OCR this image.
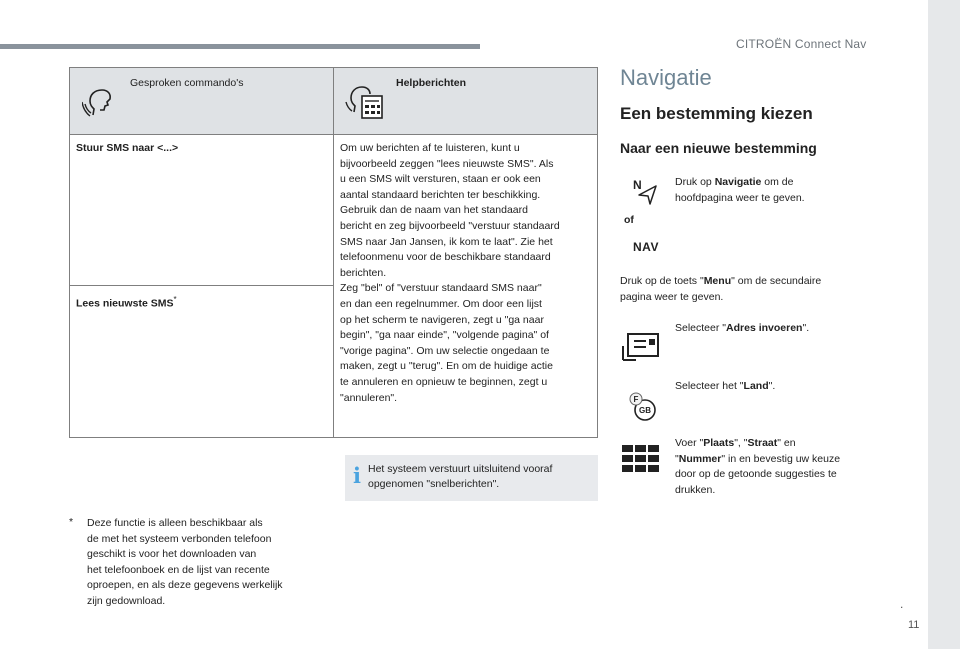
CITROËN Connect Nav
.
11
Gesproken commando's	Helpberichten
Stuur SMS naar <...>
Lees nieuwste SMS*
Om uw berichten af te luisteren, kunt u
bijvoorbeeld zeggen "lees nieuwste SMS". Als
u een SMS wilt versturen, staan er ook een
aantal standaard berichten ter beschikking.
Gebruik dan de naam van het standaard
bericht en zeg bijvoorbeeld "verstuur standaard
SMS naar Jan Jansen, ik kom te laat". Zie het
telefoonmenu voor de beschikbare standaard
berichten.
Zeg "bel" of "verstuur standaard SMS naar"
en dan een regelnummer. Om door een lijst
op het scherm te navigeren, zegt u "ga naar
begin", "ga naar einde", "volgende pagina" of
"vorige pagina". Om uw selectie ongedaan te
maken, zegt u "terug". En om de huidige actie
te annuleren en opnieuw te beginnen, zegt u
"annuleren".
i Het systeem verstuurt uitsluitend vooraf
opgenomen "snelberichten".
* Deze functie is alleen beschikbaar als
de met het systeem verbonden telefoon
geschikt is voor het downloaden van
het telefoonboek en de lijst van recente
oproepen, en als deze gegevens werkelijk
zijn gedownload.
Navigatie
Een bestemming kiezen
Naar een nieuwe bestemming
N
of
NAV
Druk op Navigatie om de
hoofdpagina weer te geven.
Druk op de toets "Menu" om de secundaire
pagina weer te geven.
Selecteer "Adres invoeren".
F
GB
Selecteer het "Land".
Voer "Plaats", "Straat" en
"Nummer" in en bevestig uw keuze
door op de getoonde suggesties te
drukken.
